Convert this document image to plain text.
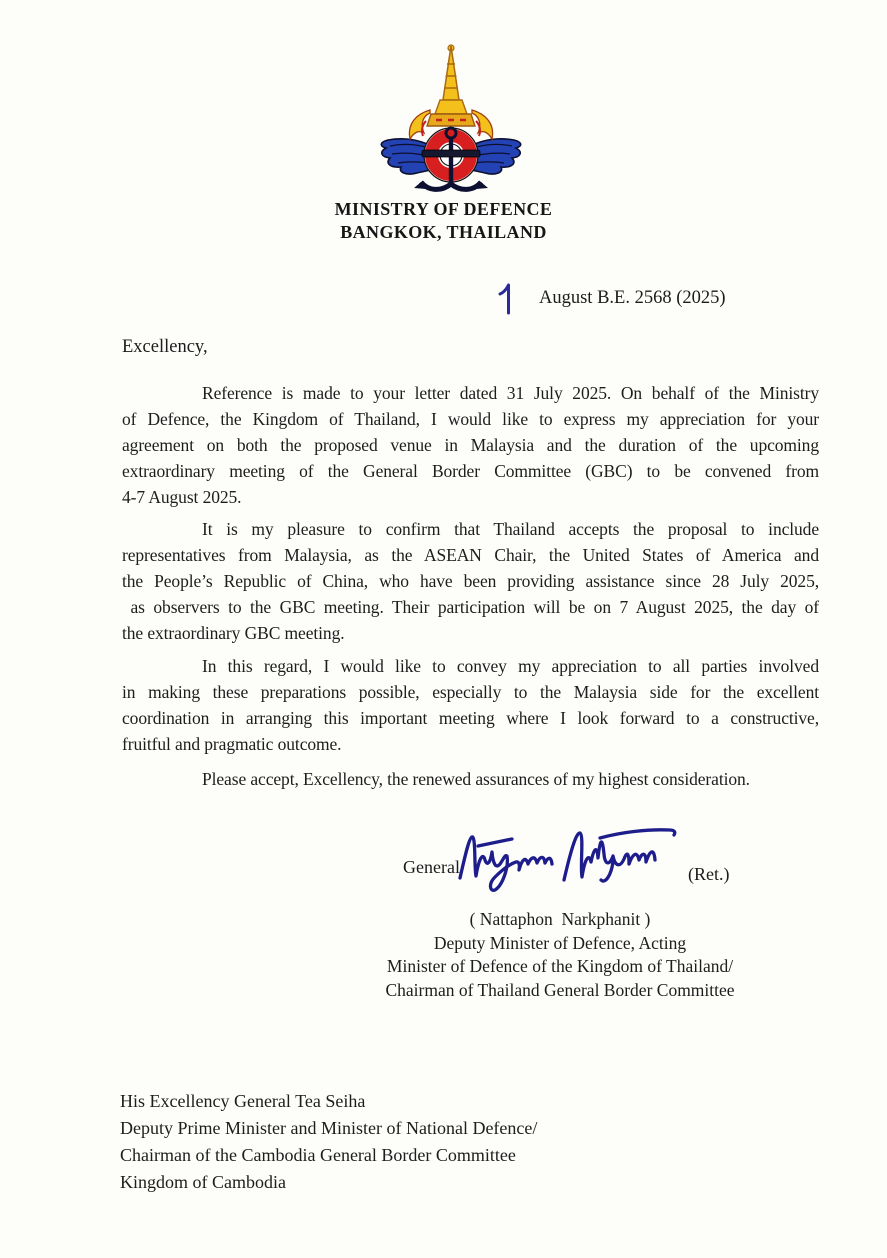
MINISTRY OF DEFENCE
BANGKOK, THAILAND
August B.E. 2568 (2025)
Excellency,
Reference is made to your letter dated 31 July 2025. On behalf of the Ministry
of Defence, the Kingdom of Thailand, I would like to express my appreciation for your
agreement on both the proposed venue in Malaysia and the duration of the upcoming
extraordinary meeting of the General Border Committee (GBC) to be convened from
4-7 August 2025.
It is my pleasure to confirm that Thailand accepts the proposal to include
representatives from Malaysia, as the ASEAN Chair, the United States of America and
the People’s Republic of China, who have been providing assistance since 28 July 2025,
as observers to the GBC meeting. Their participation will be on 7 August 2025, the day of
the extraordinary GBC meeting.
In this regard, I would like to convey my appreciation to all parties involved
in making these preparations possible, especially to the Malaysia side for the excellent
coordination in arranging this important meeting where I look forward to a constructive,
fruitful and pragmatic outcome.
Please accept, Excellency, the renewed assurances of my highest consideration.
General	(Ret.)
( Nattaphon  Narkphanit )
Deputy Minister of Defence, Acting
Minister of Defence of the Kingdom of Thailand/
Chairman of Thailand General Border Committee
His Excellency General Tea Seiha
Deputy Prime Minister and Minister of National Defence/
Chairman of the Cambodia General Border Committee
Kingdom of Cambodia
